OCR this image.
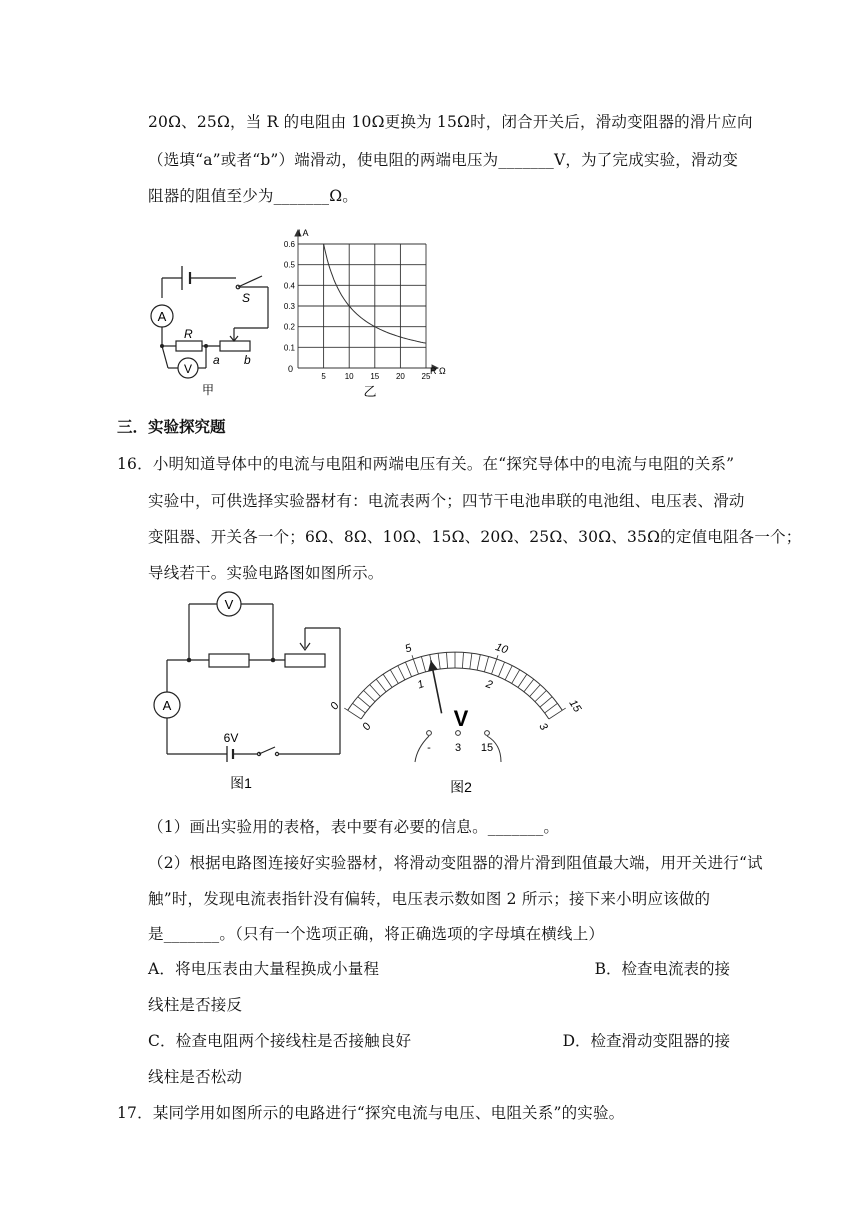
20Ω、25Ω，当 R 的电阻由 10Ω更换为 15Ω时，闭合开关后，滑动变阻器的滑片应向
（选填“a”或者“b”）端滑动，使电阻的两端电压为_______V，为了完成实验，滑动变
阻器的阻值至少为_______Ω。
A
V
R
S
a b
甲
5 10 15 20 25
0.1
0.2
0.3
0.4
0.5
0.6
I A
R Ω
0
乙
三．实验探究题
16．小明知道导体中的电流与电阻和两端电压有关。在“探究导体中的电流与电阻的关系”
实验中，可供选择实验器材有：电流表两个；四节干电池串联的电池组、电压表、滑动
变阻器、开关各一个；6Ω、8Ω、10Ω、15Ω、20Ω、25Ω、30Ω、35Ω的定值电阻各一个；
导线若干。实验电路图如图所示。
V
A
6V
图1
0
5	10
15
0
1	2
3
V
- 3 15
图2
（1）画出实验用的表格，表中要有必要的信息。_______。
（2）根据电路图连接好实验器材，将滑动变阻器的滑片滑到阻值最大端，用开关进行“试
触”时，发现电流表指针没有偏转，电压表示数如图 2 所示；接下来小明应该做的
是_______。（只有一个选项正确，将正确选项的字母填在横线上）
A．将电压表由大量程换成小量程	B．检查电流表的接
线柱是否接反
C．检查电阻两个接线柱是否接触良好	D．检查滑动变阻器的接
线柱是否松动
17．某同学用如图所示的电路进行“探究电流与电压、电阻关系”的实验。
